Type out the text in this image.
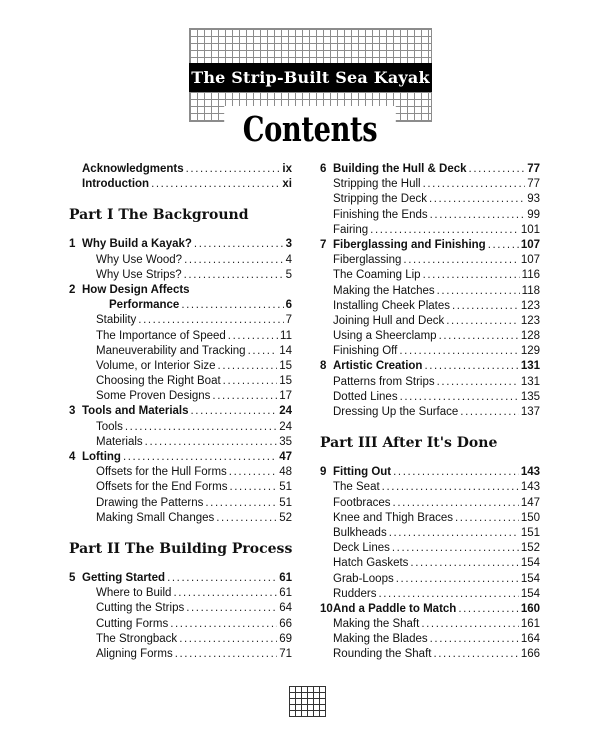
The Strip-Built Sea Kayak
Contents
Acknowledgments .....	ix
Introduction .....	xi
Part I The Background
1 Why Build a Kayak? .....	3
Why Use Wood? .....	4
Why Use Strips? .....	5
2 How Design Affects
Performance .....	6
Stability .....	7
The Importance of Speed .....	11
Maneuverability and Tracking .....	14
Volume, or Interior Size .....	15
Choosing the Right Boat .....	15
Some Proven Designs .....	17
3 Tools and Materials .....	24
Tools .....	24
Materials .....	35
4 Lofting .....	47
Offsets for the Hull Forms .....	48
Offsets for the End Forms .....	51
Drawing the Patterns .....	51
Making Small Changes .....	52
Part II The Building Process
5 Getting Started .....	61
Where to Build .....	61
Cutting the Strips .....	64
Cutting Forms .....	66
The Strongback .....	69
Aligning Forms .....	71
6 Building the Hull & Deck .....	77
Stripping the Hull .....	77
Stripping the Deck .....	93
Finishing the Ends .....	99
Fairing .....	101
7 Fiberglassing and Finishing .....	107
Fiberglassing .....	107
The Coaming Lip .....	116
Making the Hatches .....	118
Installing Cheek Plates .....	123
Joining Hull and Deck .....	123
Using a Sheerclamp .....	128
Finishing Off .....	129
8 Artistic Creation .....	131
Patterns from Strips .....	131
Dotted Lines .....	135
Dressing Up the Surface .....	137
Part III After It's Done
9 Fitting Out .....	143
The Seat .....	143
Footbraces .....	147
Knee and Thigh Braces .....	150
Bulkheads .....	151
Deck Lines .....	152
Hatch Gaskets .....	154
Grab-Loops .....	154
Rudders .....	154
10 And a Paddle to Match .....	160
Making the Shaft .....	161
Making the Blades .....	164
Rounding the Shaft .....	166
